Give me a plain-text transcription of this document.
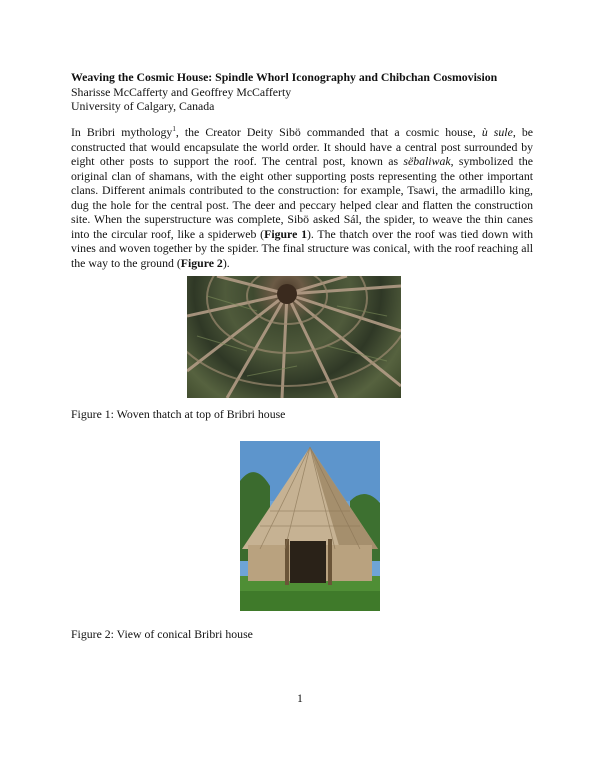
Weaving the Cosmic House: Spindle Whorl Iconography and Chibchan Cosmovision
Sharisse McCafferty and Geoffrey McCafferty
University of Calgary, Canada
In Bribri mythology$^1$, the Creator Deity Sibö commanded that a cosmic house, ù sule, be constructed that would encapsulate the world order. It should have a central post surrounded by eight other posts to support the roof. The central post, known as sëbaliwak, symbolized the original clan of shamans, with the eight other supporting posts representing the other important clans. Different animals contributed to the construction: for example, Tsawi, the armadillo king, dug the hole for the central post. The deer and peccary helped clear and flatten the construction site. When the superstructure was complete, Sibö asked Sál, the spider, to weave the thin canes into the circular roof, like a spiderweb (Figure 1). The thatch over the roof was tied down with vines and woven together by the spider. The final structure was conical, with the roof reaching all the way to the ground (Figure 2).
Figure 1: Woven thatch at top of Bribri house
Figure 2: View of conical Bribri house
1
